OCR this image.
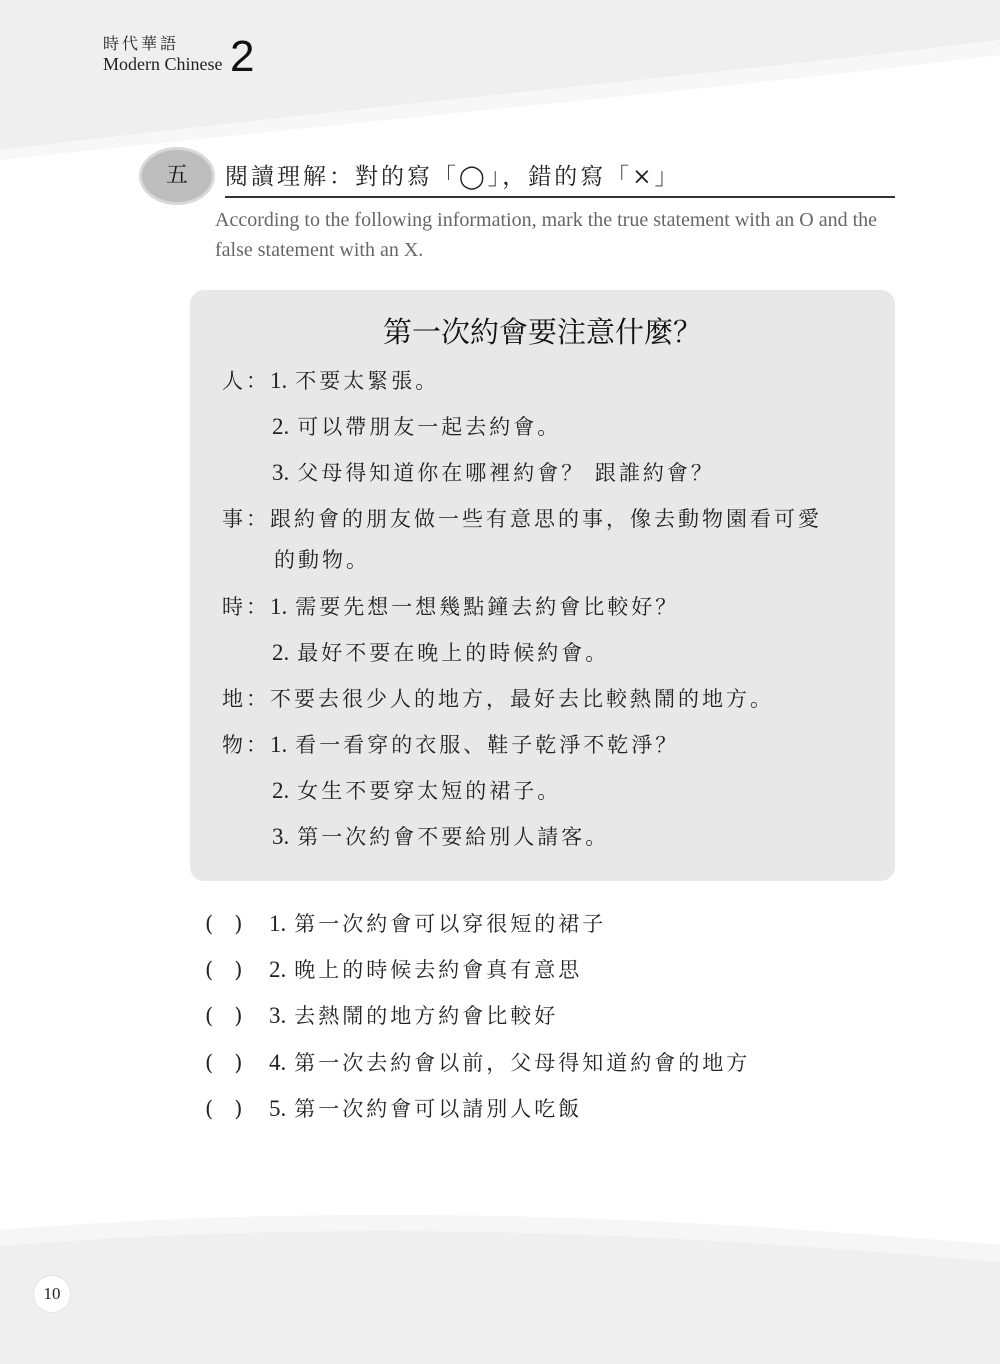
時代華語
Modern Chinese 2
五	閱讀理解：對的寫「◯」，錯的寫「×」
According to the following information, mark the true statement with an O and the false statement with an X.
第一次約會要注意什麼？
人：1. 不要太緊張。
2. 可以帶朋友一起去約會。
3. 父母得知道你在哪裡約會？ 跟誰約會？
事：跟約會的朋友做一些有意思的事，像去動物園看可愛
的動物。
時：1. 需要先想一想幾點鐘去約會比較好？
2. 最好不要在晚上的時候約會。
地：不要去很少人的地方，最好去比較熱鬧的地方。
物：1. 看一看穿的衣服、鞋子乾淨不乾淨？
2. 女生不要穿太短的裙子。
3. 第一次約會不要給別人請客。
(　) 1. 第一次約會可以穿很短的裙子
(　) 2. 晚上的時候去約會真有意思
(　) 3. 去熱鬧的地方約會比較好
(　) 4. 第一次去約會以前，父母得知道約會的地方
(　) 5. 第一次約會可以請別人吃飯
10
